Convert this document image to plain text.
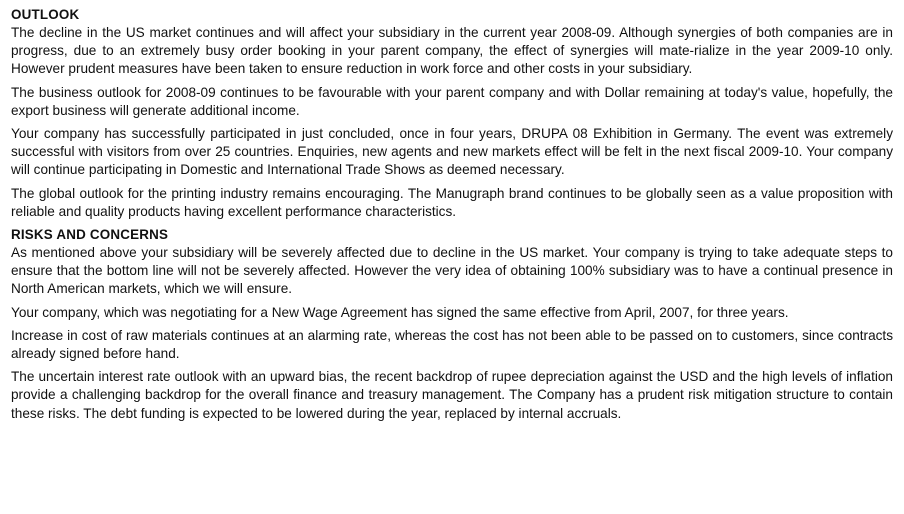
OUTLOOK

The decline in the US market continues and will affect your subsidiary in the current year 2008-09. Although synergies of both companies are in progress, due to an extremely busy order booking in your parent company, the effect of synergies will mate-rialize in the year 2009-10 only. However prudent measures have been taken to ensure reduction in work force and other costs in your subsidiary.

The business outlook for 2008-09 continues to be favourable with your parent company and with Dollar remaining at today's value, hopefully, the export business will generate additional income.

Your company has successfully participated in just concluded, once in four years, DRUPA 08 Exhibition in Germany. The event was extremely successful with visitors from over 25 countries. Enquiries, new agents and new markets effect will be felt in the next fiscal 2009-10. Your company will continue participating in Domestic and International Trade Shows as deemed necessary.

The global outlook for the printing industry remains encouraging. The Manugraph brand continues to be globally seen as a value proposition with reliable and quality products having excellent performance characteristics.

RISKS AND CONCERNS

As mentioned above your subsidiary will be severely affected due to decline in the US market. Your company is trying to take adequate steps to ensure that the bottom line will not be severely affected. However the very idea of obtaining 100% subsidiary was to have a continual presence in North American markets, which we will ensure.

Your company, which was negotiating for a New Wage Agreement has signed the same effective from April, 2007, for three years.

Increase in cost of raw materials continues at an alarming rate, whereas the cost has not been able to be passed on to customers, since contracts already signed before hand.

The uncertain interest rate outlook with an upward bias, the recent backdrop of rupee depreciation against the USD and the high levels of inflation provide a challenging backdrop for the overall finance and treasury management. The Company has a prudent risk mitigation structure to contain these risks. The debt funding is expected to be lowered during the year, replaced by internal accruals.
